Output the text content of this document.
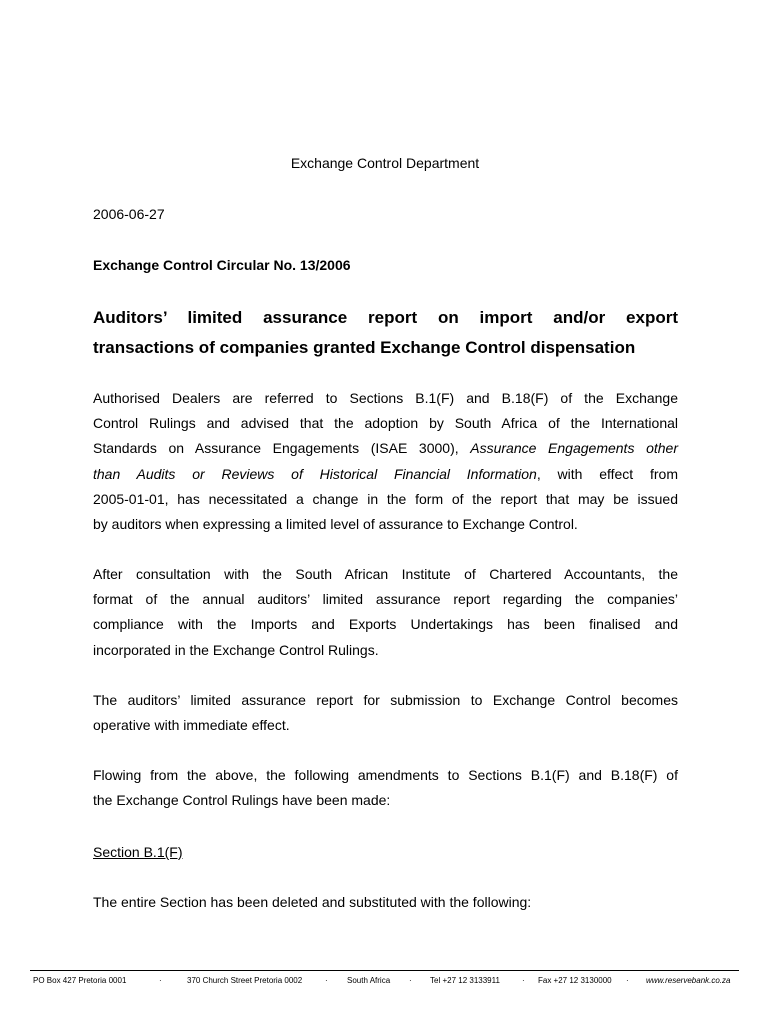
Exchange Control Department
2006-06-27
Exchange Control Circular No. 13/2006
Auditors’ limited assurance report on import and/or export
transactions of companies granted Exchange Control dispensation
Authorised Dealers are referred to Sections B.1(F) and B.18(F) of the Exchange
Control Rulings and advised that the adoption by South Africa of the International
Standards on Assurance Engagements (ISAE 3000), Assurance Engagements other
than Audits or Reviews of Historical Financial Information, with effect from
2005-01-01, has necessitated a change in the form of the report that may be issued
by auditors when expressing a limited level of assurance to Exchange Control.
After consultation with the South African Institute of Chartered Accountants, the
format of the annual auditors’ limited assurance report regarding the companies’
compliance with the Imports and Exports Undertakings has been finalised and
incorporated in the Exchange Control Rulings.
The auditors’ limited assurance report for submission to Exchange Control becomes
operative with immediate effect.
Flowing from the above, the following amendments to Sections B.1(F) and B.18(F) of
the Exchange Control Rulings have been made:
Section B.1(F)
The entire Section has been deleted and substituted with the following:
PO Box 427 Pretoria 0001	·	370 Church Street Pretoria 0002	· South Africa · Tel +27 12 3133911	· Fax +27 12 3130000 · www.reservebank.co.za
